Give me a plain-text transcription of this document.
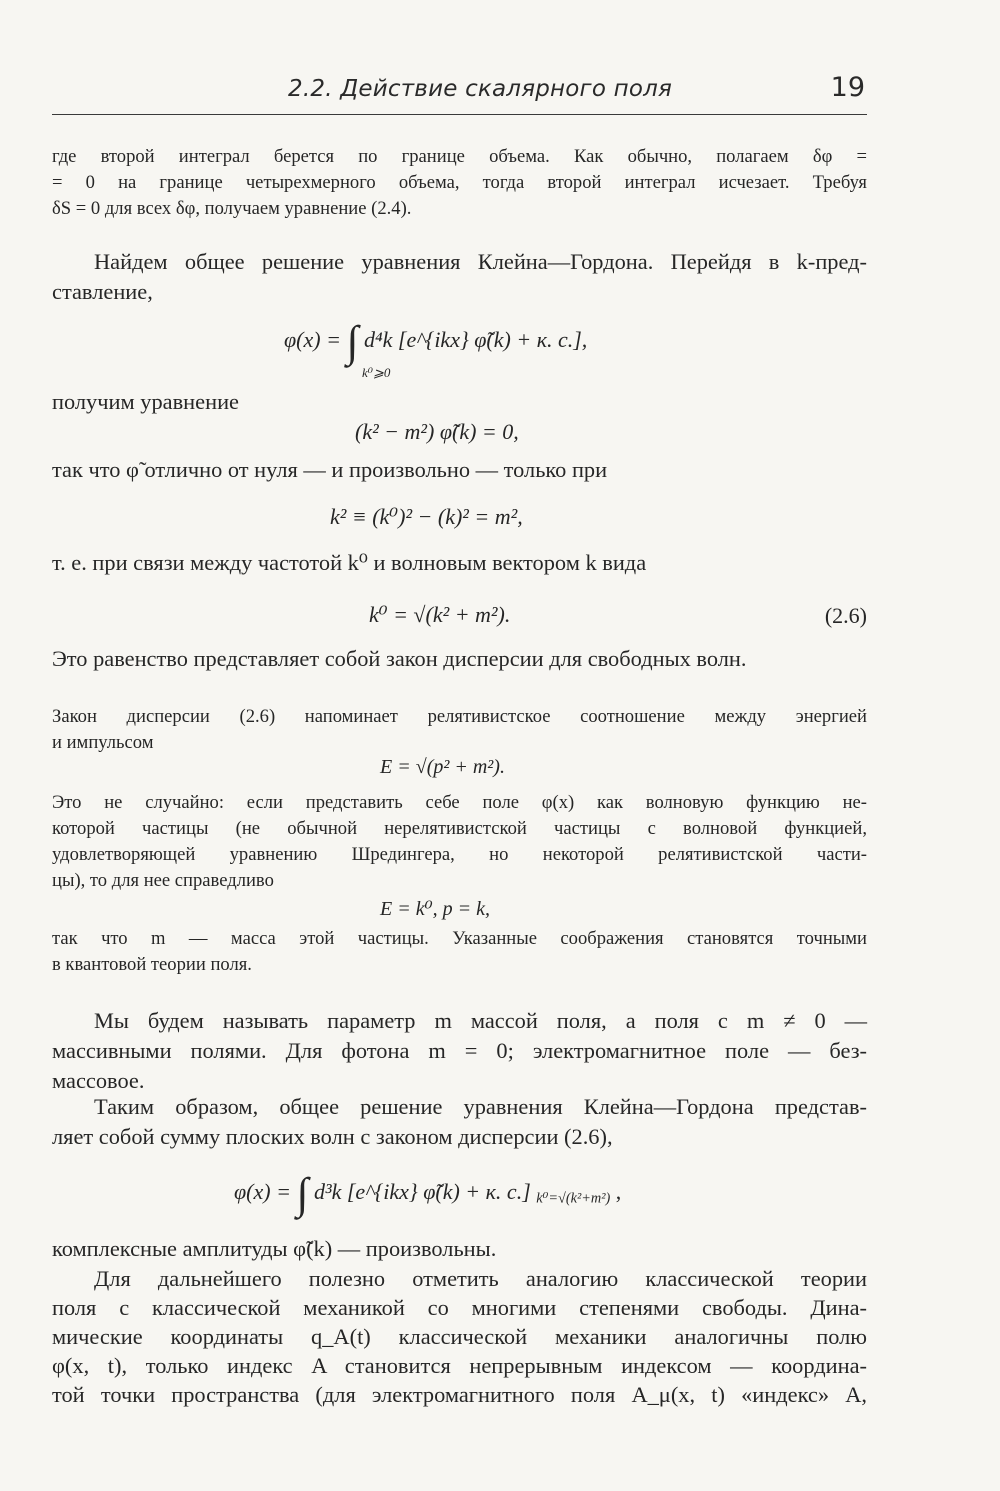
2.2. Действие скалярного поля	19
где второй интеграл берется по границе объема. Как обычно, полагаем δφ =
= 0 на границе четырехмерного объема, тогда второй интеграл исчезает. Требуя
δS = 0 для всех δφ, получаем уравнение (2.4).
Найдем общее решение уравнения Клейна—Гордона. Перейдя в k-пред-
ставление,
φ(x) = ∫ d⁴k [e^{ikx} φ̃(k) + к. с.],
k⁰⩾0
получим уравнение
(k² − m²) φ̃(k) = 0,
так что φ̃ отлично от нуля — и произвольно — только при
k² ≡ (k⁰)² − (k)² = m²,
т. е. при связи между частотой k⁰ и волновым вектором k вида
k⁰ = √(k² + m²).	(2.6)
Это равенство представляет собой закон дисперсии для свободных волн.
Закон дисперсии (2.6) напоминает релятивистское соотношение между энергией
и импульсом
E = √(p² + m²).
Это не случайно: если представить себе поле φ(x) как волновую функцию не-
которой частицы (не обычной нерелятивистской частицы с волновой функцией,
удовлетворяющей уравнению Шредингера, но некоторой релятивистской части-
цы), то для нее справедливо
E = k⁰, p = k,
так что m — масса этой частицы. Указанные соображения становятся точными
в квантовой теории поля.
Мы будем называть параметр m массой поля, а поля с m ≠ 0 —
массивными полями. Для фотона m = 0; электромагнитное поле — без-
массовое.
Таким образом, общее решение уравнения Клейна—Гордона представ-
ляет собой сумму плоских волн с законом дисперсии (2.6),
φ(x) = ∫ d³k [e^{ikx} φ̃(k) + к. с.] k⁰=√(k²+m²) ,
комплексные амплитуды φ̃(k) — произвольны.
Для дальнейшего полезно отметить аналогию классической теории
поля с классической механикой со многими степенями свободы. Дина-
мические координаты q_A(t) классической механики аналогичны полю
φ(x, t), только индекс A становится непрерывным индексом — координа-
той точки пространства (для электромагнитного поля A_μ(x, t) «индекс» A,
